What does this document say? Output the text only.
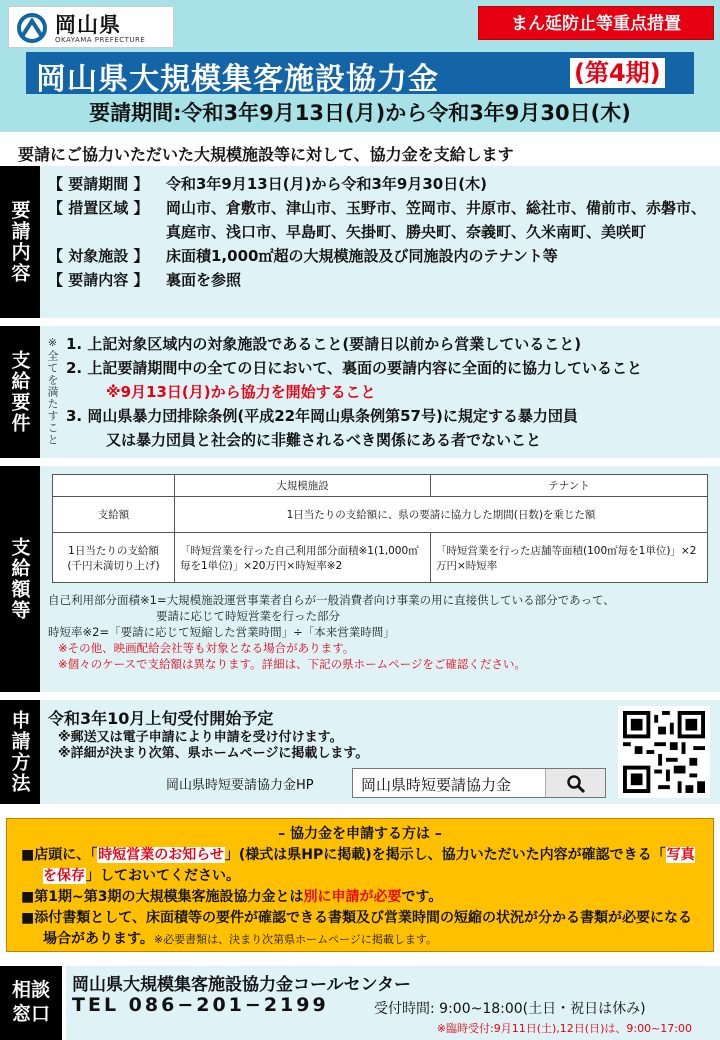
岡山県
OKAYAMA PREFECTURE
まん延防止等重点措置
岡山県大規模集客施設協力金	(第4期)
要請期間:令和3年9月13日(月)から令和3年9月30日(木)
要請にご協力いただいた大規模施設等に対して、協力金を支給します
要請内容
【 要請期間 】	令和3年9月13日(月)から令和3年9月30日(木)
【 措置区域 】	岡山市、倉敷市、津山市、玉野市、笠岡市、井原市、総社市、備前市、赤磐市、真庭市、浅口市、早島町、矢掛町、勝央町、奈義町、久米南町、美咲町
【 対象施設 】	床面積1,000㎡超の大規模施設及び同施設内のテナント等
【 要請内容 】	裏面を参照
支給要件 ※全てを満たすこと 1. 上記対象区域内の対象施設であること(要請日以前から営業していること)
2. 上記要請期間中の全ての日において、裏面の要請内容に全面的に協力していること
※9月13日(月)から協力を開始すること
3. 岡山県暴力団排除条例(平成22年岡山県条例第57号)に規定する暴力団員
又は暴力団員と社会的に非難されるべき関係にある者でないこと
支給額等
	大規模施設	テナント
支給額	1日当たりの支給額に、県の要請に協力した期間(日数)を乗じた額	

1日当たりの支給額
(千円未満切り上げ)	「時短営業を行った自己利用部分面積※1(1,000㎡毎を1単位)」×20万円×時短率※2	「時短営業を行った店舗等面積(100㎡毎を1単位)」×2万円×時短率
自己利用部分面積※1=大規模施設運営事業者自らが一般消費者向け事業の用に直接供している部分であって、
要請に応じて時短営業を行った部分
時短率※2=「要請に応じて短縮した営業時間」÷「本来営業時間」
※その他、映画配給会社等も対象となる場合があります。
※個々のケースで支給額は異なります。詳細は、下記の県ホームページをご確認ください。
申請方法 令和3年10月上旬受付開始予定
※郵送又は電子申請により申請を受け付けます。
※詳細が決まり次第、県ホームページに掲載します。
岡山県時短要請協力金HP	岡山県時短要請協力金
– 協力金を申請する方は –

■店頭に、「時短営業のお知らせ」(様式は県HPに掲載)を掲示し、協力いただいた内容が確認できる「写真を保存」しておいてください。

■第1期~第3期の大規模集客施設協力金とは別に申請が必要です。

■添付書類として、床面積等の要件が確認できる書類及び営業時間の短縮の状況が分かる書類が必要になる場合があります。※必要書類は、決まり次第県ホームページに掲載します。

相談
窓口
岡山県大規模集客施設協力金コールセンター
TEL 086−201−2199	受付時間: 9:00~18:00(土日・祝日は休み)
※臨時受付:9月11日(土),12日(日)は、9:00~17:00
